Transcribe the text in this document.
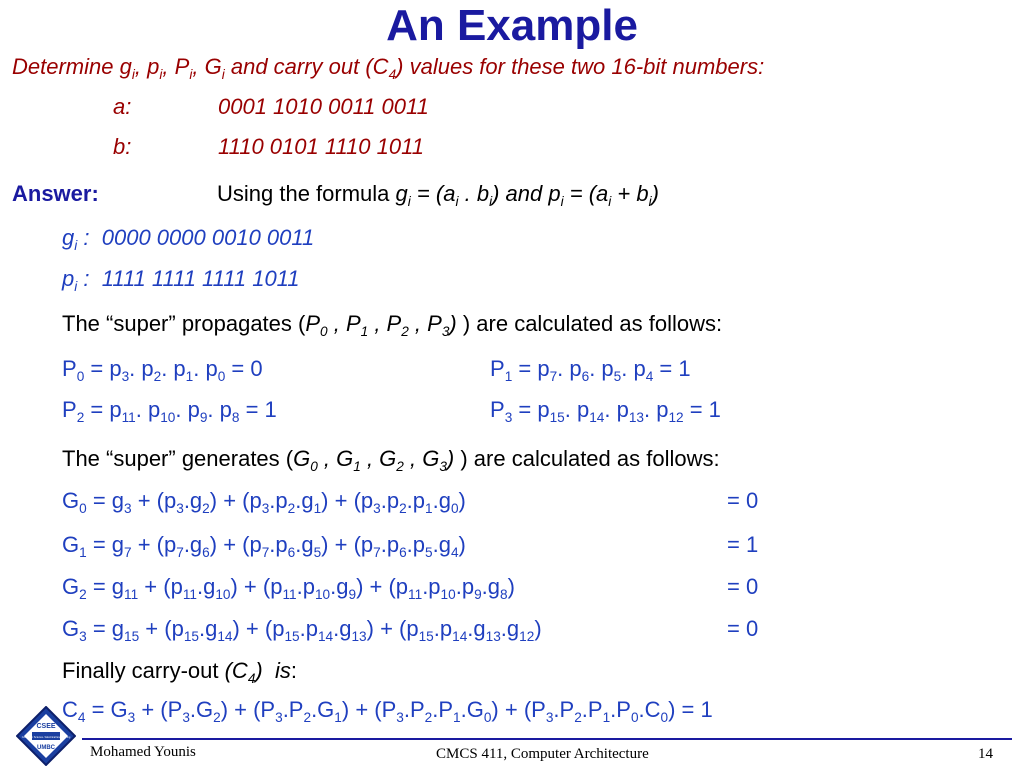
An Example
Determine $g_i$, $p_i$, $P_i$, $G_i$ and carry out $(C_4)$ values for these two 16-bit numbers:
a:	0001 1010 0011 0011
b:	1110 0101 1110 1011
Answer:	Using the formula $g_i = (a_i$ . $b_i$) and $p_i = (a_i + b_i)$
$g_i$ : 0000 0000 0010 0011
$p_i$ : 1111 1111 1111 1011
The “super” propagates ($P_0$ , $P_1$ , $P_2$ , $P_3$) ) are calculated as follows:
$P_0 = p_3$. $p_2$. $p_1$. $p_0 = 0$	$P_1 = p_7$. $p_6$. $p_5$. $p_4 = 1$
$P_2 = p_{11}$. $p_{10}$. $p_9$. $p_8 = 1$	$P_3 = p_{15}$. $p_{14}$. $p_{13}$. $p_{12} = 1$
The “super” generates ($G_0$ , $G_1$ , $G_2$ , $G_3$) ) are calculated as follows:
$G_0 = g_3 + (p_3.g_2) + (p_3.p_2.g_1) + (p_3.p_2.p_1.g_0)$	= 0
$G_1 = g_7 + (p_7.g_6) + (p_7.p_6.g_5) + (p_7.p_6.p_5.g_4)$	= 1
$G_2 = g_{11} + (p_{11}.g_{10}) + (p_{11}.p_{10}.g_9) + (p_{11}.p_{10}.p_9.g_8)$	= 0
$G_3 = g_{15} + (p_{15}.g_{14}) + (p_{15}.p_{14}.g_{13}) + (p_{15}.p_{14}.g_{13}.g_{12})$	= 0
Finally carry-out $(C_4)$ is:
$C_4 = G_3 + (P_3.G_2) + (P_3.P_2.G_1) + (P_3.P_2.P_1.G_0) + (P_3.P_2.P_1.P_0.C_0) = 1$
CSEE
Computer Science / Electrical Engineering
UMBC Mohamed Younis	CMCS 411, Computer Architecture	14
